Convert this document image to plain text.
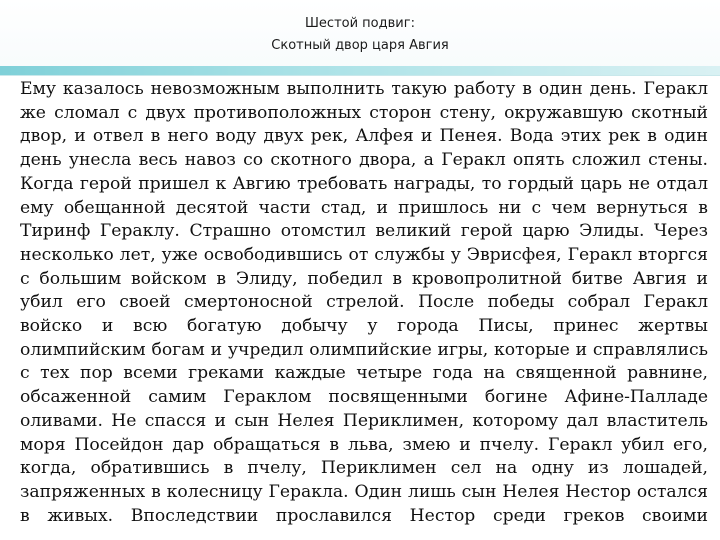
Шестой подвиг:
Скотный двор царя Авгия
Ему казалось невозможным выполнить такую работу в один день. Геракл
же сломал с двух противоположных сторон стену, окружавшую скотный
двор, и отвел в него воду двух рек, Алфея и Пенея. Вода этих рек в один
день унесла весь навоз со скотного двора, а Геракл опять сложил стены.
Когда герой пришел к Авгию требовать награды, то гордый царь не отдал
ему обещанной десятой части стад, и пришлось ни с чем вернуться в
Тиринф Гераклу. Страшно отомстил великий герой царю Элиды. Через
несколько лет, уже освободившись от службы у Эврисфея, Геракл вторгся
с большим войском в Элиду, победил в кровопролитной битве Авгия и
убил его своей смертоносной стрелой. После победы собрал Геракл
войско и всю богатую добычу у города Писы, принес жертвы
олимпийским богам и учредил олимпийские игры, которые и справлялись
с тех пор всеми греками каждые четыре года на священной равнине,
обсаженной самим Гераклом посвященными богине Афине-Палладе
оливами. Не спасся и сын Нелея Периклимен, которому дал властитель
моря Посейдон дар обращаться в льва, змею и пчелу. Геракл убил его,
когда, обратившись в пчелу, Периклимен сел на одну из лошадей,
запряженных в колесницу Геракла. Один лишь сын Нелея Нестор остался
в живых. Впоследствии прославился Нестор среди греков своими
